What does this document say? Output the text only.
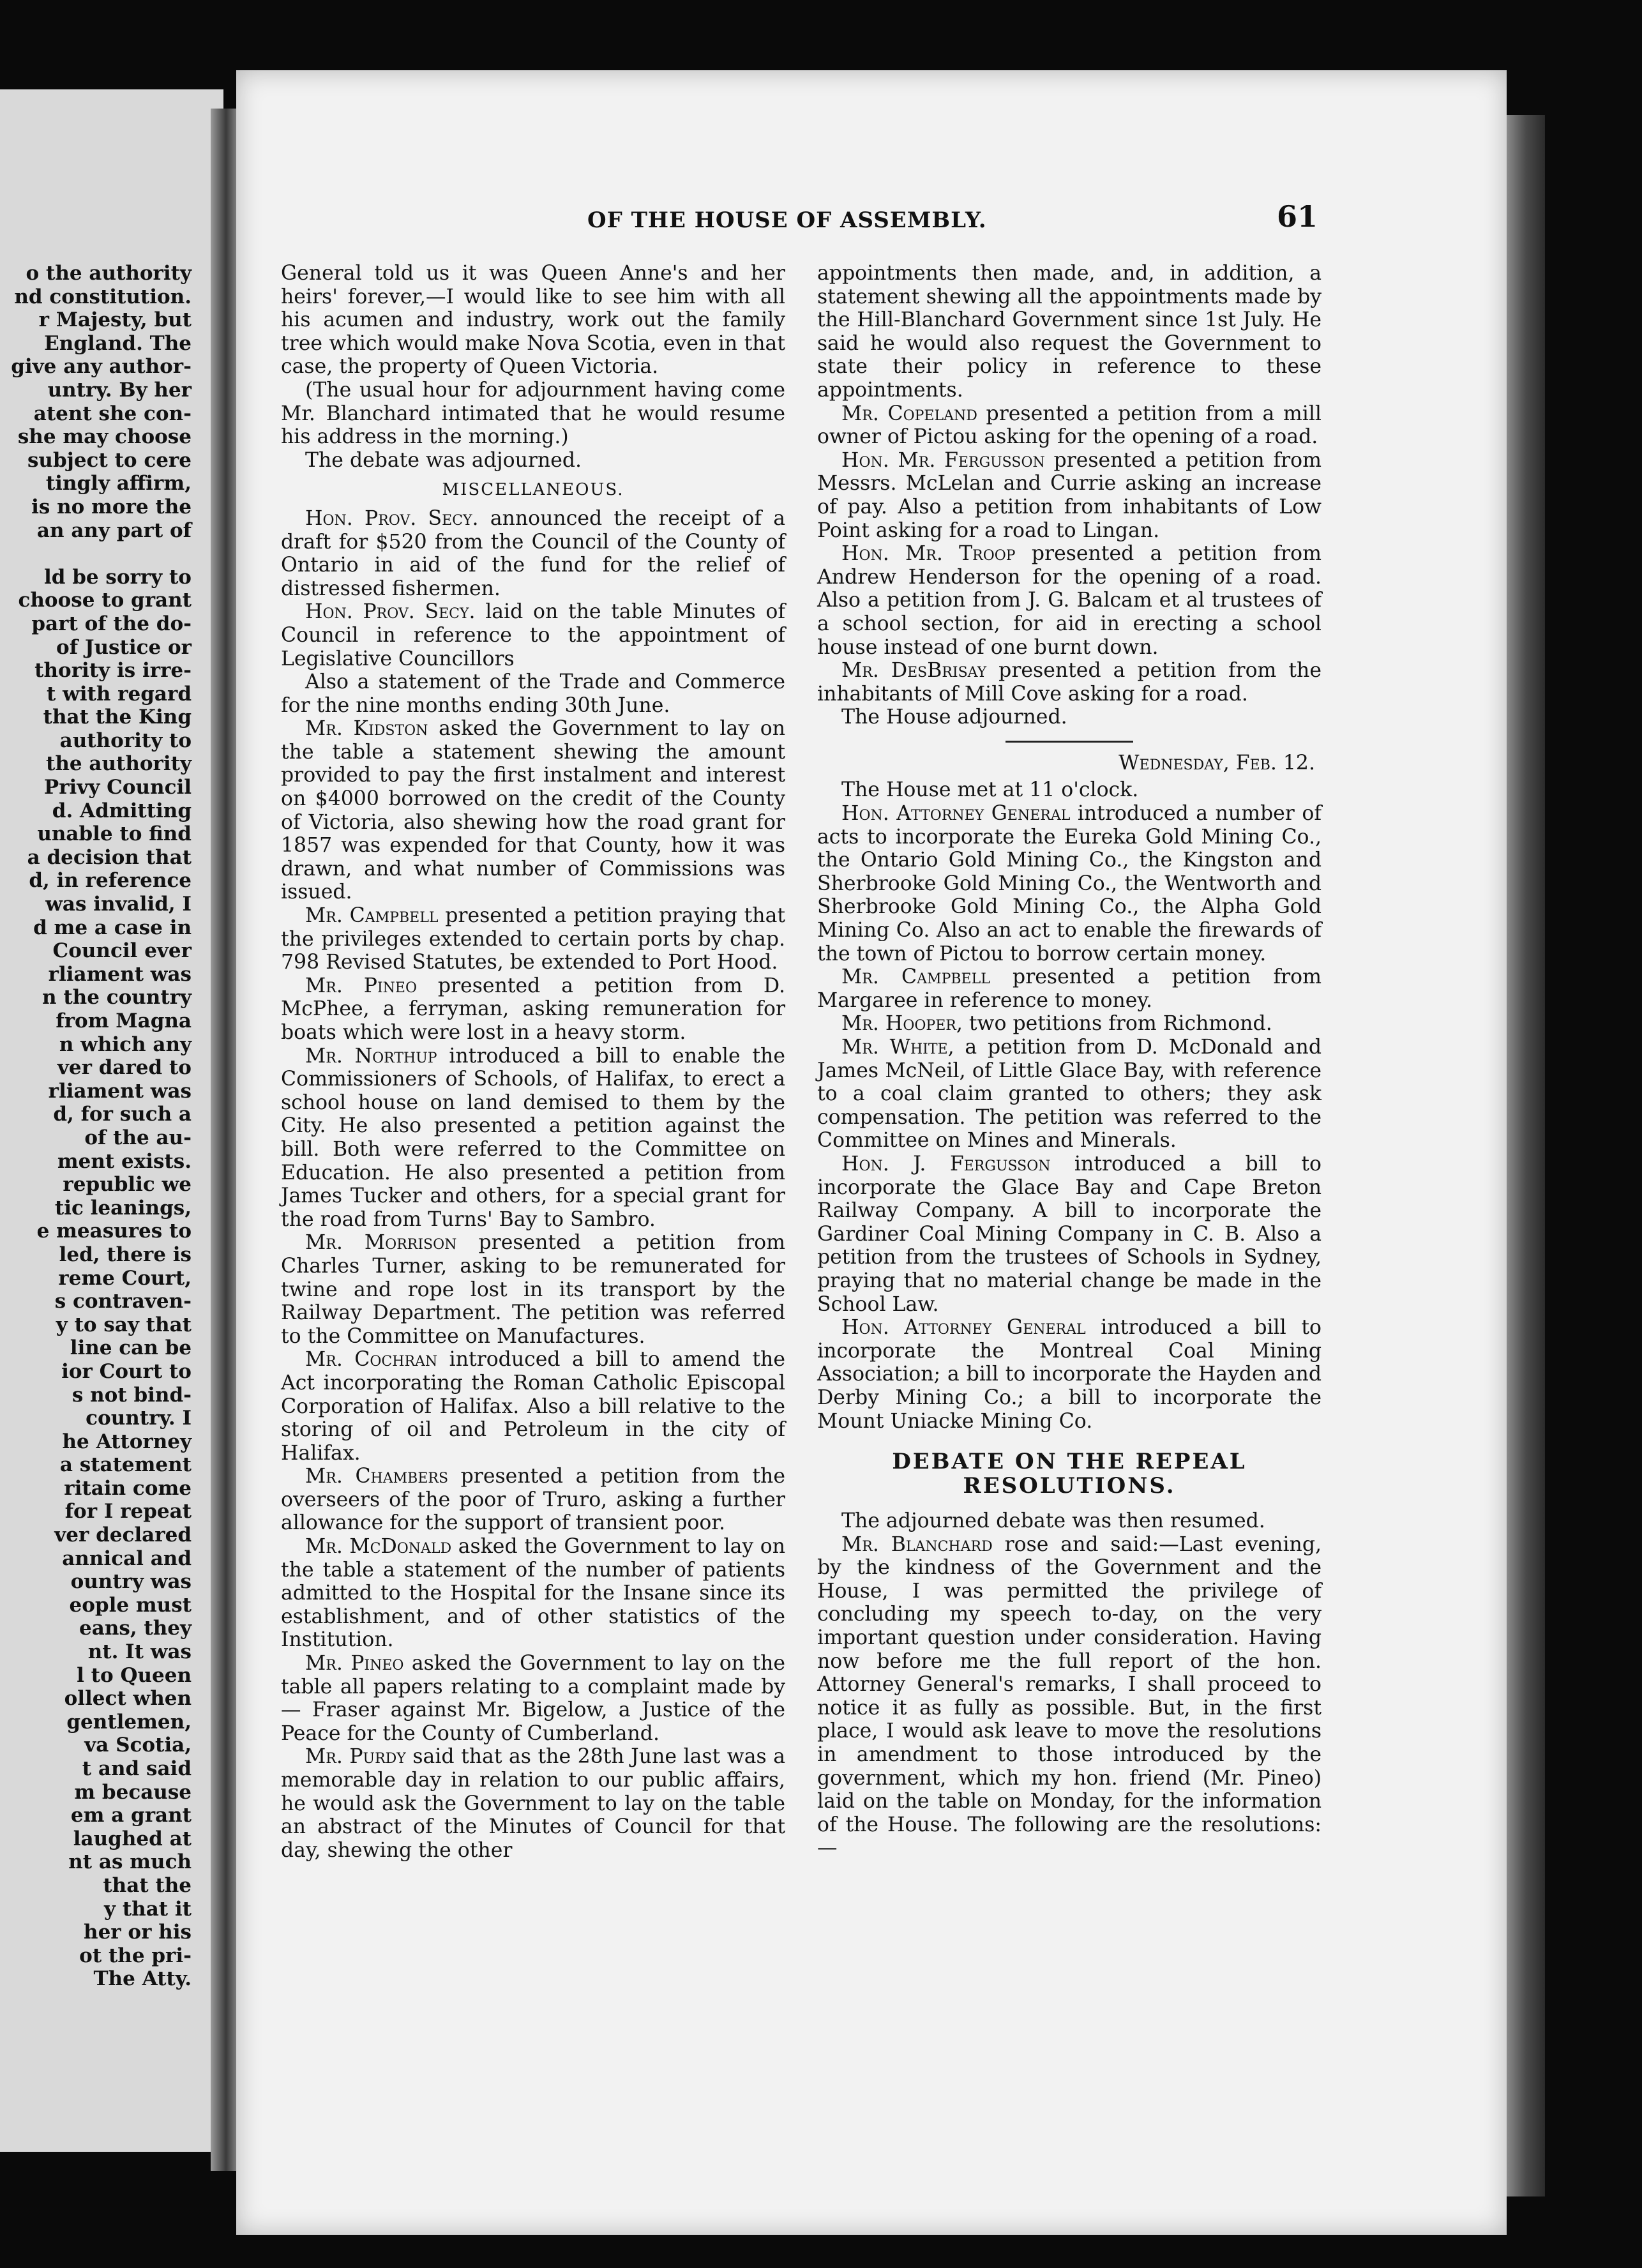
o the authority
nd constitution.
r Majesty, but
England. The
give any author-
untry. By her
atent she con-
she may choose
subject to cere
tingly affirm,
is no more the
an any part of

ld be sorry to
choose to grant
part of the do-
of Justice or
thority is irre-
t with regard
that the King
authority to
the authority
Privy Council
d. Admitting
unable to find
a decision that
d, in reference
was invalid, I
d me a case in
Council ever
rliament was
n the country
from Magna
n which any
ver dared to
rliament was
d, for such a
of the au-
ment exists.
republic we
tic leanings,
e measures to
led, there is
reme Court,
s contraven-
y to say that
line can be
ior Court to
s not bind-
country. I
he Attorney
a statement
ritain come
for I repeat
ver declared
annical and
ountry was
eople must
eans, they
nt. It was
l to Queen
ollect when
gentlemen,
va Scotia,
t and said
m because
em a grant
laughed at
nt as much
that the
y that it
her or his
ot the pri-
The Atty.
OF THE HOUSE OF ASSEMBLY.	61

General told us it was Queen Anne's and her heirs' forever,—I would like to see him with all his acumen and industry, work out the family tree which would make Nova Scotia, even in that case, the property of Queen Victoria.

(The usual hour for adjournment having come Mr. Blanchard intimated that he would resume his address in the morning.)

The debate was adjourned.

MISCELLANEOUS.

Hon. Prov. Secy. announced the receipt of a draft for $520 from the Council of the County of Ontario in aid of the fund for the relief of distressed fishermen.

Hon. Prov. Secy. laid on the table Minutes of Council in reference to the appointment of Legislative Councillors

Also a statement of the Trade and Commerce for the nine months ending 30th June.

Mr. Kidston asked the Government to lay on the table a statement shewing the amount provided to pay the first instalment and interest on $4000 borrowed on the credit of the County of Victoria, also shewing how the road grant for 1857 was expended for that County, how it was drawn, and what number of Commissions was issued.

Mr. Campbell presented a petition praying that the privileges extended to certain ports by chap. 798 Revised Statutes, be extended to Port Hood.

Mr. Pineo presented a petition from D. McPhee, a ferryman, asking remuneration for boats which were lost in a heavy storm.

Mr. Northup introduced a bill to enable the Commissioners of Schools, of Halifax, to erect a school house on land demised to them by the City. He also presented a petition against the bill. Both were referred to the Committee on Education. He also presented a petition from James Tucker and others, for a special grant for the road from Turns' Bay to Sambro.

Mr. Morrison presented a petition from Charles Turner, asking to be remunerated for twine and rope lost in its transport by the Railway Department. The petition was referred to the Committee on Manufactures.

Mr. Cochran introduced a bill to amend the Act incorporating the Roman Catholic Episcopal Corporation of Halifax. Also a bill relative to the storing of oil and Petroleum in the city of Halifax.

Mr. Chambers presented a petition from the overseers of the poor of Truro, asking a further allowance for the support of transient poor.

Mr. McDonald asked the Government to lay on the table a statement of the number of patients admitted to the Hospital for the Insane since its establishment, and of other statistics of the Institution.

Mr. Pineo asked the Government to lay on the table all papers relating to a complaint made by — Fraser against Mr. Bigelow, a Justice of the Peace for the County of Cumberland.

Mr. Purdy said that as the 28th June last was a memorable day in relation to our public affairs, he would ask the Government to lay on the table an abstract of the Minutes of Council for that day, shewing the other

appointments then made, and, in addition, a statement shewing all the appointments made by the Hill-Blanchard Government since 1st July. He said he would also request the Government to state their policy in reference to these appointments.

Mr. Copeland presented a petition from a mill owner of Pictou asking for the opening of a road.

Hon. Mr. Fergusson presented a petition from Messrs. McLelan and Currie asking an increase of pay. Also a petition from inhabitants of Low Point asking for a road to Lingan.

Hon. Mr. Troop presented a petition from Andrew Henderson for the opening of a road. Also a petition from J. G. Balcam et al trustees of a school section, for aid in erecting a school house instead of one burnt down.

Mr. DesBrisay presented a petition from the inhabitants of Mill Cove asking for a road.

The House adjourned.

Wednesday, Feb. 12.

The House met at 11 o'clock.

Hon. Attorney General introduced a number of acts to incorporate the Eureka Gold Mining Co., the Ontario Gold Mining Co., the Kingston and Sherbrooke Gold Mining Co., the Wentworth and Sherbrooke Gold Mining Co., the Alpha Gold Mining Co. Also an act to enable the firewards of the town of Pictou to borrow certain money.

Mr. Campbell presented a petition from Margaree in reference to money.

Mr. Hooper, two petitions from Richmond.

Mr. White, a petition from D. McDonald and James McNeil, of Little Glace Bay, with reference to a coal claim granted to others; they ask compensation. The petition was referred to the Committee on Mines and Minerals.

Hon. J. Fergusson introduced a bill to incorporate the Glace Bay and Cape Breton Railway Company. A bill to incorporate the Gardiner Coal Mining Company in C. B. Also a petition from the trustees of Schools in Sydney, praying that no material change be made in the School Law.

Hon. Attorney General introduced a bill to incorporate the Montreal Coal Mining Association; a bill to incorporate the Hayden and Derby Mining Co.; a bill to incorporate the Mount Uniacke Mining Co.

DEBATE ON THE REPEAL RESOLUTIONS.

The adjourned debate was then resumed.

Mr. Blanchard rose and said:—Last evening, by the kindness of the Government and the House, I was permitted the privilege of concluding my speech to-day, on the very important question under consideration. Having now before me the full report of the hon. Attorney General's remarks, I shall proceed to notice it as fully as possible. But, in the first place, I would ask leave to move the resolutions in amendment to those introduced by the government, which my hon. friend (Mr. Pineo) laid on the table on Monday, for the information of the House. The following are the resolutions:—
